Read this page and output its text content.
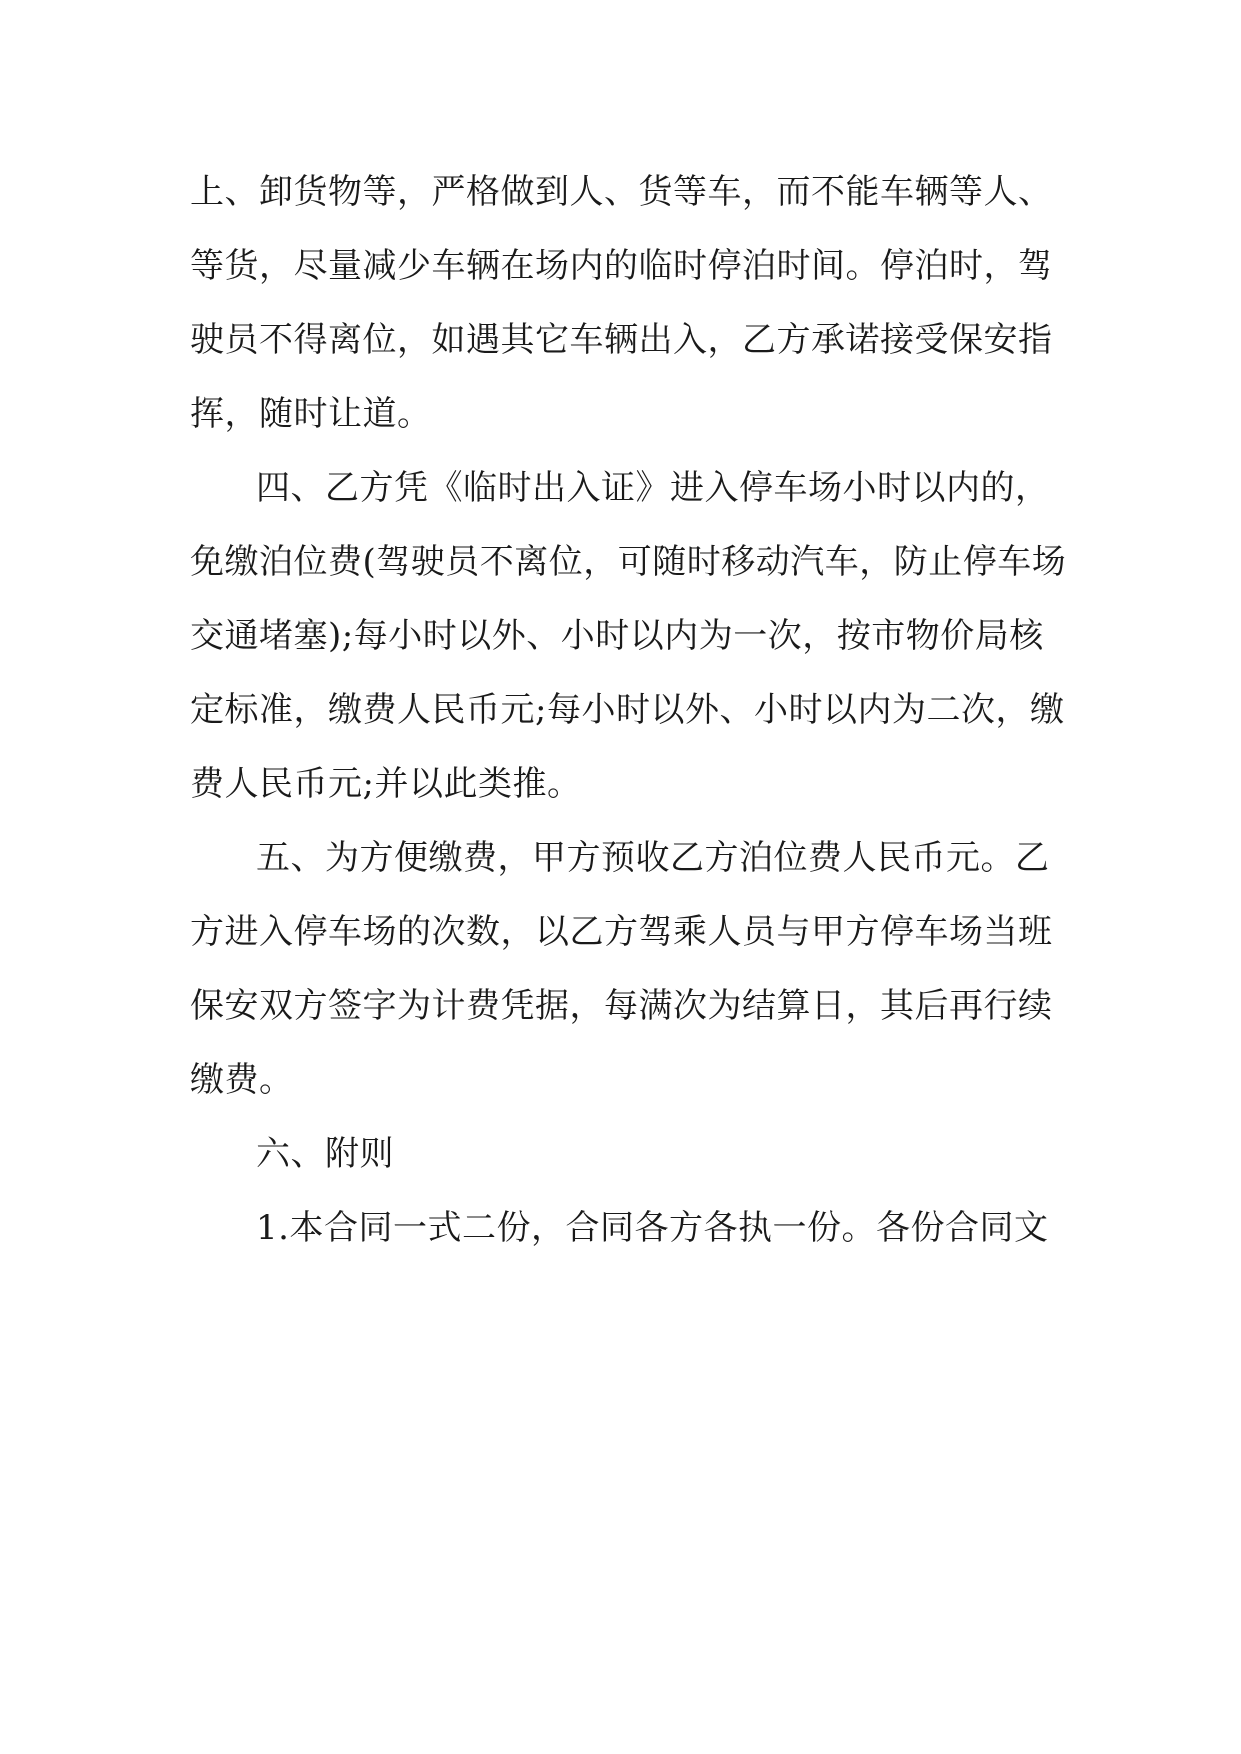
上、卸货物等，严格做到人、货等车，而不能车辆等人、
等货，尽量减少车辆在场内的临时停泊时间。停泊时，驾
驶员不得离位，如遇其它车辆出入，乙方承诺接受保安指
挥，随时让道。
四、乙方凭《临时出入证》进入停车场小时以内的，
免缴泊位费(驾驶员不离位，可随时移动汽车，防止停车场
交通堵塞);每小时以外、小时以内为一次，按市物价局核
定标准，缴费人民币元;每小时以外、小时以内为二次，缴
费人民币元;并以此类推。
五、为方便缴费，甲方预收乙方泊位费人民币元。乙
方进入停车场的次数，以乙方驾乘人员与甲方停车场当班
保安双方签字为计费凭据，每满次为结算日，其后再行续
缴费。
六、附则
1.本合同一式二份，合同各方各执一份。各份合同文
